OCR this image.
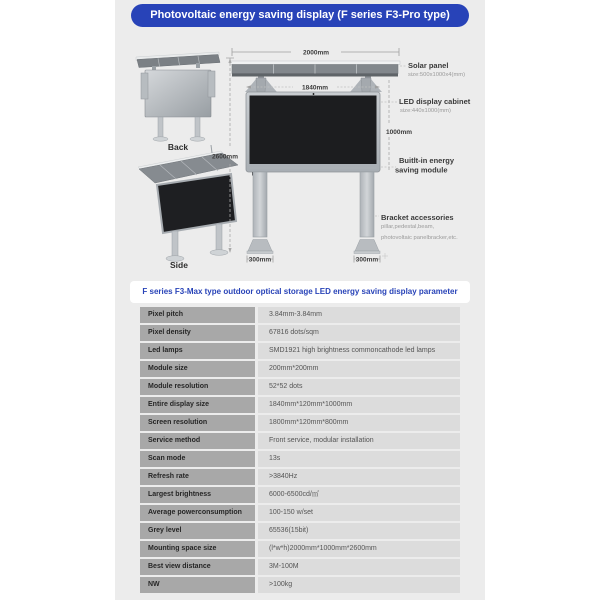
Photovoltaic energy saving display (F series F3-Pro type)
Back
Side
2000mm
1840mm
2600mm
1000mm
300mm	300mm
Solar panel
size:500x1000x4(mm)
LED display cabinet
size:440x1000(mm)
Buitlt-in energy
saving module
Bracket accessories
pillar,pedestal,beam,
photovoltaic panelbracker,etc.
F series F3-Max type outdoor optical storage LED energy saving display parameter
Pixel pitch	3.84mm-3.84mm
Pixel density	67816 dots/sqm
Led lamps	SMD1921 high brightness commoncathode led lamps
Module size	200mm*200mm
Module resolution	52*52 dots
Entire display size	1840mm*120mm*1000mm
Screen resolution	1800mm*120mm*800mm
Service method	Front service, modular installation
Scan mode	13s
Refresh rate	>3840Hz
Largest brightness	6000-6500cd/㎡
Average powerconsumption	100-150 w/set
Grey level	65536(15bit)
Mounting space size	(l*w*h)2000mm*1000mm*2600mm
Best view distance	3M-100M
NW	>100kg
